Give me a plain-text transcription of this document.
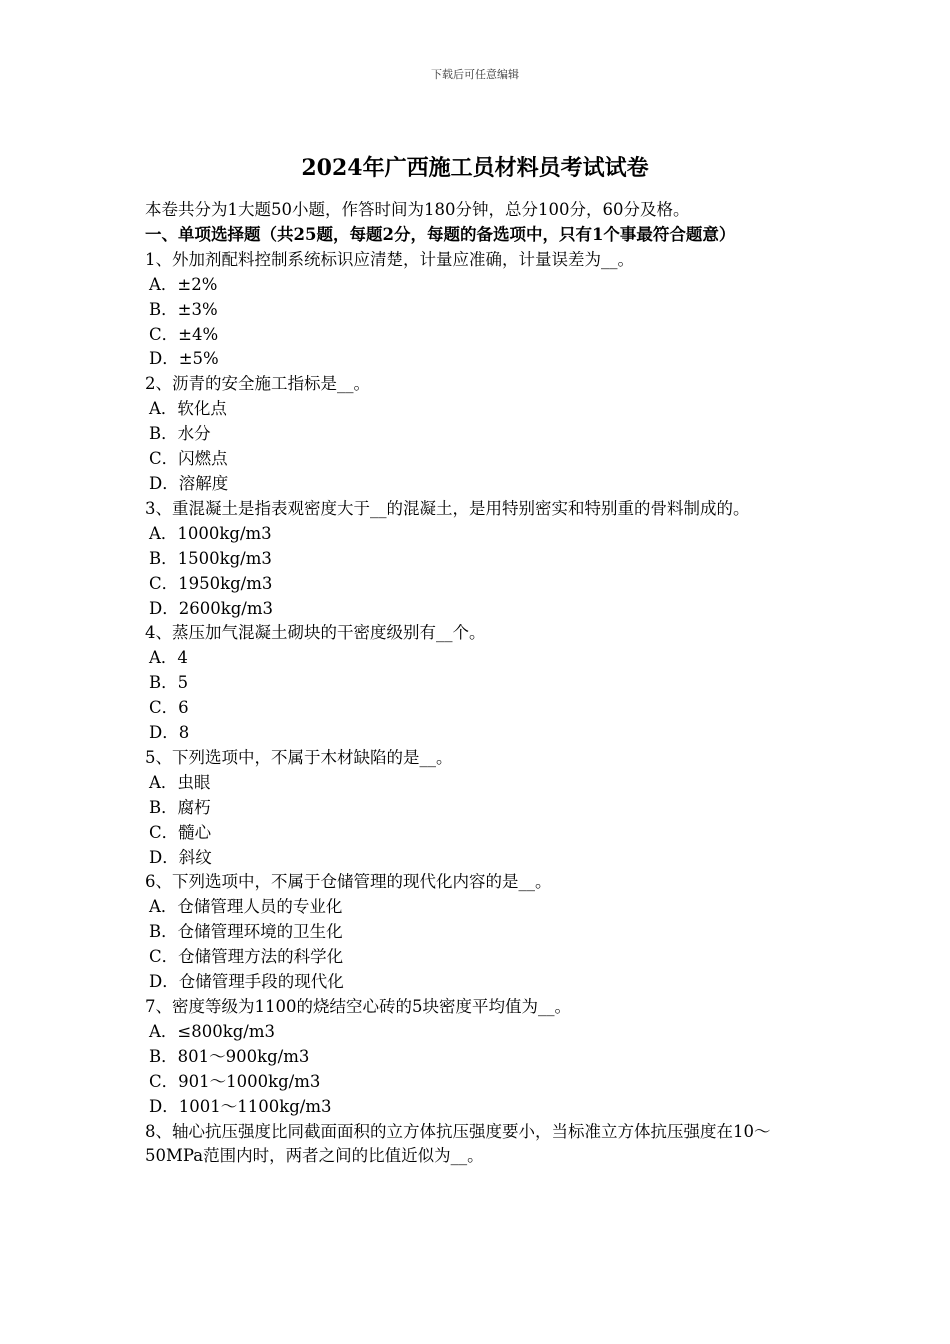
下载后可任意编辑
2024年广西施工员材料员考试试卷
本卷共分为1大题50小题，作答时间为180分钟，总分100分，60分及格。
一、单项选择题（共25题，每题2分，每题的备选项中，只有1个事最符合题意）
1、外加剂配料控制系统标识应清楚，计量应准确，计量误差为__。
A．±2%
B．±3%
C．±4%
D．±5%
2、沥青的安全施工指标是__。
A．软化点
B．水分
C．闪燃点
D．溶解度
3、重混凝土是指表观密度大于__的混凝土，是用特别密实和特别重的骨料制成的。
A．1000kg/m3
B．1500kg/m3
C．1950kg/m3
D．2600kg/m3
4、蒸压加气混凝土砌块的干密度级别有__个。
A．4
B．5
C．6
D．8
5、下列选项中，不属于木材缺陷的是__。
A．虫眼
B．腐朽
C．髓心
D．斜纹
6、下列选项中，不属于仓储管理的现代化内容的是__。
A．仓储管理人员的专业化
B．仓储管理环境的卫生化
C．仓储管理方法的科学化
D．仓储管理手段的现代化
7、密度等级为1100的烧结空心砖的5块密度平均值为__。
A．≤800kg/m3
B．801～900kg/m3
C．901～1000kg/m3
D．1001～1100kg/m3
8、轴心抗压强度比同截面面积的立方体抗压强度要小，当标准立方体抗压强度在10～50MPa范围内时，两者之间的比值近似为__。
